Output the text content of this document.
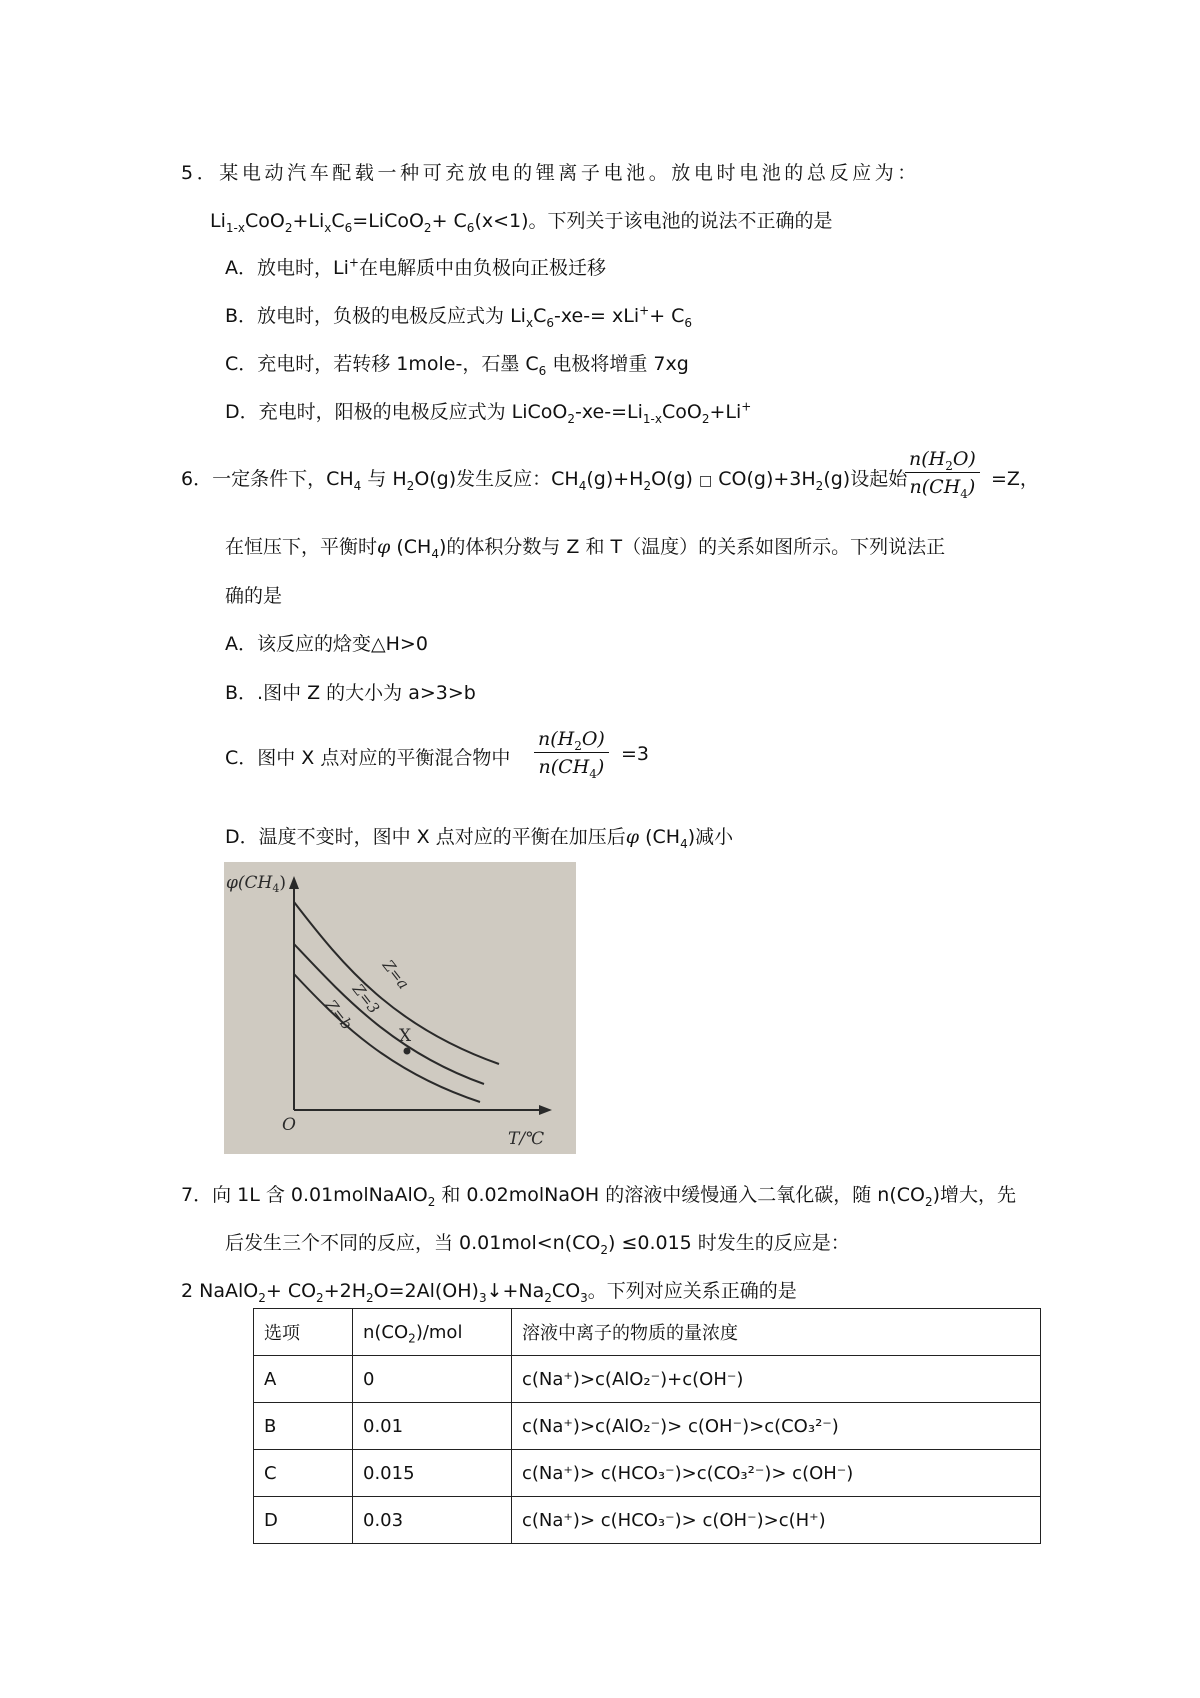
5．某电动汽车配载一种可充放电的锂离子电池。放电时电池的总反应为：
$Li_{1-x}CoO_2+Li_xC_6=LiCoO_2+ C_6(x<1)$。下列关于该电池的说法不正确的是
A．放电时，Li+在电解质中由负极向正极迁移
B．放电时，负极的电极反应式为 $Li_xC_6-xe-= xLi^++ C_6$
C．充电时，若转移 1mole-，石墨 $C_6$ 电极将增重 7xg
D．充电时，阳极的电极反应式为 $LiCoO_2-xe-=Li_{1-x}CoO_2+Li^+$
6．一定条件下，$CH_4$ 与 $H_2O(g)$发生反应：$CH_4(g)+H_2O(g)$ □ $CO(g)+3H_2(g)$设起始
$\frac{n(H_2O)}{n(CH_4)} =Z$，
在恒压下，平衡时φ $(CH_4)$的体积分数与 Z 和 T（温度）的关系如图所示。下列说法正
确的是
A．该反应的焓变△H>0
B．.图中 Z 的大小为 a>3>b
C．图中 X 点对应的平衡混合物中 $\frac{n(H_2O)}{n(CH_4)} =3$
D．温度不变时，图中 X 点对应的平衡在加压后φ $(CH_4)$减小
$\varphi(CH_4)$
O
T/℃
Z=a
Z=3
Z=b
X
7．向 1L 含 0.01molNaAlO$_2$ 和 0.02molNaOH 的溶液中缓慢通入二氧化碳，随 $n(CO_2)$增大，先
后发生三个不同的反应，当 $0.01mol<n(CO_2) \le 0.015$ 时发生的反应是：
2 NaAlO$_2$+ $CO_2+2H_2O=2Al(OH)_3↓+Na_2CO_3$。下列对应关系正确的是
选项	$n(CO_2)$/mol	溶液中离子的物质的量浓度
A	0	c(Na⁺)>c(AlO₂⁻)+c(OH⁻)
B	0.01	c(Na⁺)>c(AlO₂⁻)> c(OH⁻)>c(CO₃²⁻)
C	0.015	c(Na⁺)> c(HCO₃⁻)>c(CO₃²⁻)> c(OH⁻)
D	0.03	c(Na⁺)> c(HCO₃⁻)> c(OH⁻)>c(H⁺)
